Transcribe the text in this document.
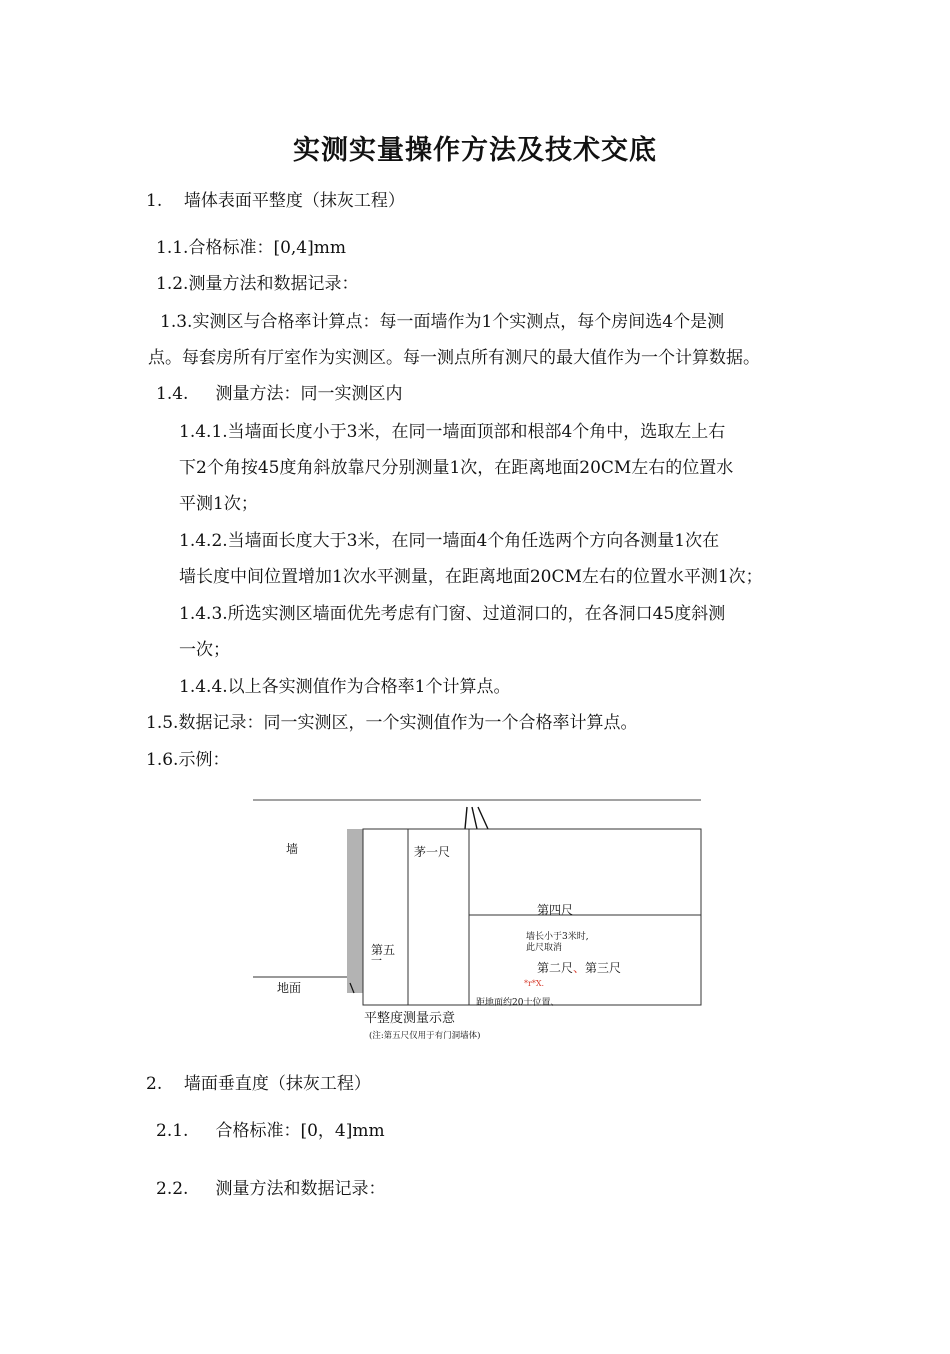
实测实量操作方法及技术交底
1.    墙体表面平整度（抹灰工程）
1.1.合格标准：[0,4]mm
1.2.测量方法和数据记录：
1.3.实测区与合格率计算点：每一面墙作为1个实测点，每个房间选4个是测
点。每套房所有厅室作为实测区。每一测点所有测尺的最大值作为一个计算数据。
1.4.     测量方法：同一实测区内
1.4.1.当墙面长度小于3米，在同一墙面顶部和根部4个角中，选取左上右
下2个角按45度角斜放靠尺分别测量1次，在距离地面20CM左右的位置水
平测1次；
1.4.2.当墙面长度大于3米，在同一墙面4个角任选两个方向各测量1次在
墙长度中间位置增加1次水平测量，在距离地面20CM左右的位置水平测1次；
1.4.3.所选实测区墙面优先考虑有门窗、过道洞口的，在各洞口45度斜测
一次；
1.4.4.以上各实测值作为合格率1个计算点。
1.5.数据记录：同一实测区，一个实测值作为一个合格率计算点。
1.6.示例：
墙
地面
茅一尺
第四尺
第五
一
墙长小于3米时,
此尺取消
第二尺、第三尺
*r*X.
距地面约20士位置、
平整度测量示意
(注:第五尺仅用于有门洞墙体)
2.    墙面垂直度（抹灰工程）
2.1.     合格标准：[0，4]mm
2.2.     测量方法和数据记录：
